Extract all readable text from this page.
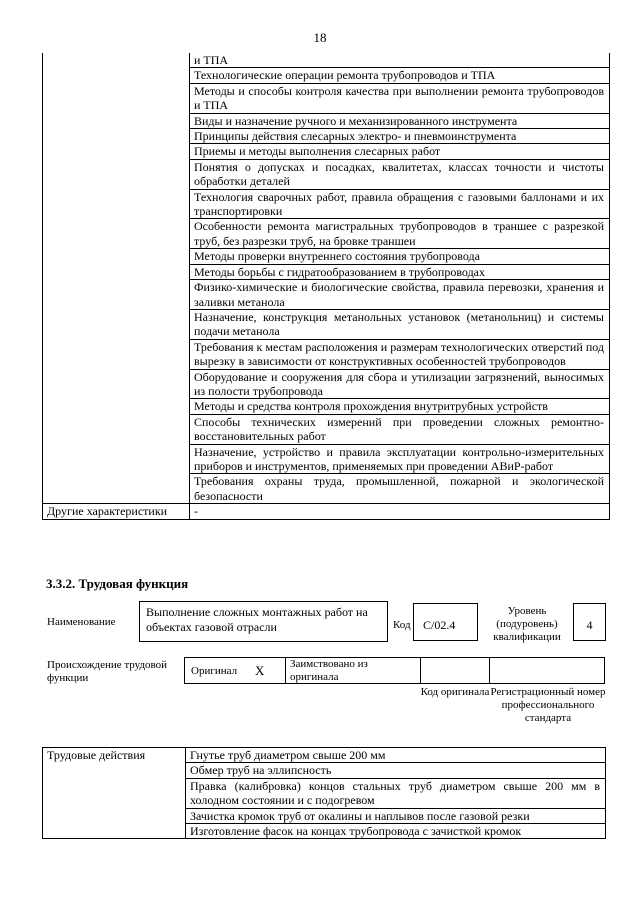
18
	и ТПА
	Технологические операции ремонта трубопроводов и ТПА
	Методы и способы контроля качества при выполнении ремонта трубопроводов и ТПА
	Виды и назначение ручного и механизированного инструмента
	Принципы действия слесарных электро- и пневмоинструмента
	Приемы и методы выполнения слесарных работ
	Понятия о допусках и посадках, квалитетах, классах точности и чистоты обработки деталей
	Технология сварочных работ, правила обращения с газовыми баллонами и их транспортировки
	Особенности ремонта магистральных трубопроводов в траншее с разрезкой труб, без разрезки труб, на бровке траншеи
	Методы проверки внутреннего состояния трубопровода
	Методы борьбы с гидратообразованием в трубопроводах
	Физико-химические и биологические свойства, правила перевозки, хранения и заливки метанола
	Назначение, конструкция метанольных установок (метанольниц) и системы подачи метанола
	Требования к местам расположения и размерам технологических отверстий под вырезку в зависимости от конструктивных особенностей трубопроводов
	Оборудование и сооружения для сбора и утилизации загрязнений, выносимых из полости трубопровода
	Методы и средства контроля прохождения внутритрубных устройств
	Способы технических измерений при проведении сложных ремонтно-восстановительных работ
	Назначение, устройство и правила эксплуатации контрольно-измерительных приборов и инструментов, применяемых при проведении АВиР-работ
	Требования охраны труда, промышленной, пожарной и экологической безопасности
Другие характеристики	-
3.3.2. Трудовая функция
Наименование
Выполнение сложных монтажных работ на объектах газовой отрасли	Код	С/02.4
Уровень (подуровень) квалификации
4
Происхождение трудовой функции
Оригинал X Заимствовано из оригинала
Код оригинала Регистрационный номер профессионального стандарта
Трудовые действия	Гнутье труб диаметром свыше 200 мм
Обмер труб на эллипсность
Правка (калибровка) концов стальных труб диаметром свыше 200 мм в холодном состоянии и с подогревом
Зачистка кромок труб от окалины и наплывов после газовой резки
Изготовление фасок на концах трубопровода с зачисткой кромок
